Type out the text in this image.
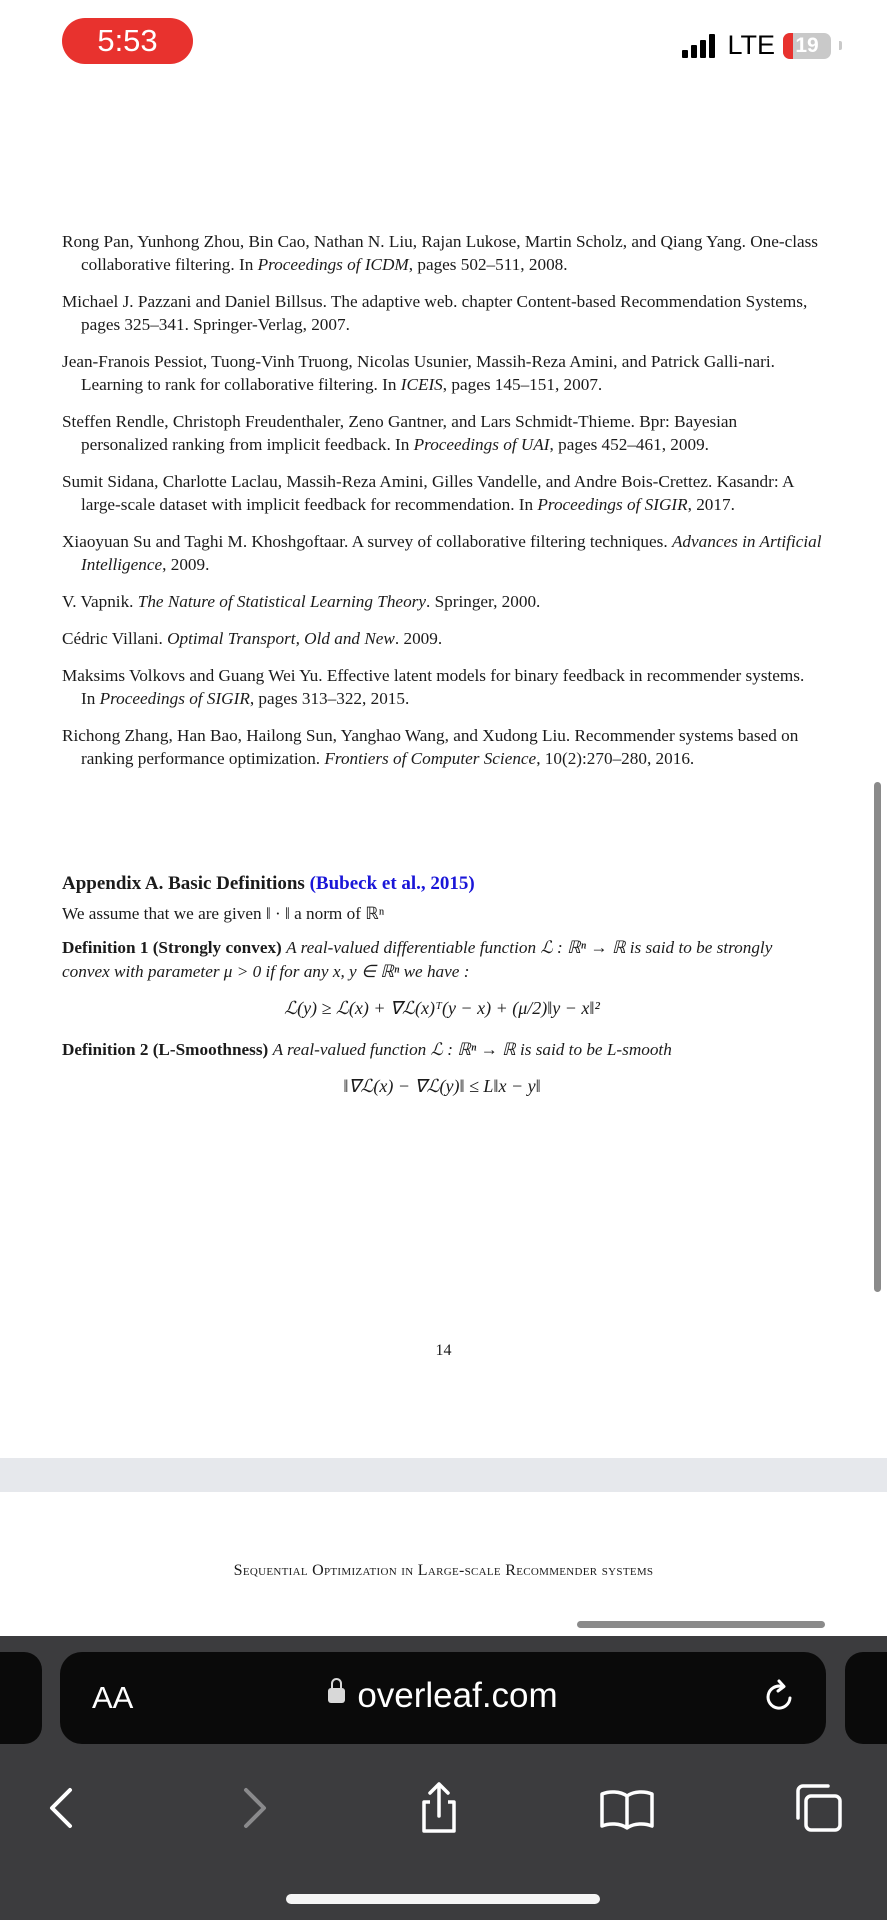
5:53	LTE 19

Rong Pan, Yunhong Zhou, Bin Cao, Nathan N. Liu, Rajan Lukose, Martin Scholz, and Qiang Yang. One-class collaborative filtering. In Proceedings of ICDM, pages 502–511, 2008.

Michael J. Pazzani and Daniel Billsus. The adaptive web. chapter Content-based Recommendation Systems, pages 325–341. Springer-Verlag, 2007.

Jean-Franois Pessiot, Tuong-Vinh Truong, Nicolas Usunier, Massih-Reza Amini, and Patrick Galli-nari. Learning to rank for collaborative filtering. In ICEIS, pages 145–151, 2007.

Steffen Rendle, Christoph Freudenthaler, Zeno Gantner, and Lars Schmidt-Thieme. Bpr: Bayesian personalized ranking from implicit feedback. In Proceedings of UAI, pages 452–461, 2009.

Sumit Sidana, Charlotte Laclau, Massih-Reza Amini, Gilles Vandelle, and Andre Bois-Crettez. Kasandr: A large-scale dataset with implicit feedback for recommendation. In Proceedings of SIGIR, 2017.

Xiaoyuan Su and Taghi M. Khoshgoftaar. A survey of collaborative filtering techniques. Advances in Artificial Intelligence, 2009.

V. Vapnik. The Nature of Statistical Learning Theory. Springer, 2000.

Cédric Villani. Optimal Transport, Old and New. 2009.

Maksims Volkovs and Guang Wei Yu. Effective latent models for binary feedback in recommender systems. In Proceedings of SIGIR, pages 313–322, 2015.

Richong Zhang, Han Bao, Hailong Sun, Yanghao Wang, and Xudong Liu. Recommender systems based on ranking performance optimization. Frontiers of Computer Science, 10(2):270–280, 2016.

Appendix A. Basic Definitions (Bubeck et al., 2015)

We assume that we are given ‖ · ‖ a norm of ℝⁿ

Definition 1 (Strongly convex) A real-valued differentiable function ℒ : ℝⁿ → ℝ is said to be strongly convex with parameter μ > 0 if for any x, y ∈ ℝⁿ we have :

ℒ(y) ≥ ℒ(x) + ∇ℒ(x)ᵀ(y − x) + (μ/2)‖y − x‖²

Definition 2 (L-Smoothness) A real-valued function ℒ : ℝⁿ → ℝ is said to be L-smooth

‖∇ℒ(x) − ∇ℒ(y)‖ ≤ L‖x − y‖
14
Sequential Optimization in Large-scale Recommender systems
AA	overleaf.com
